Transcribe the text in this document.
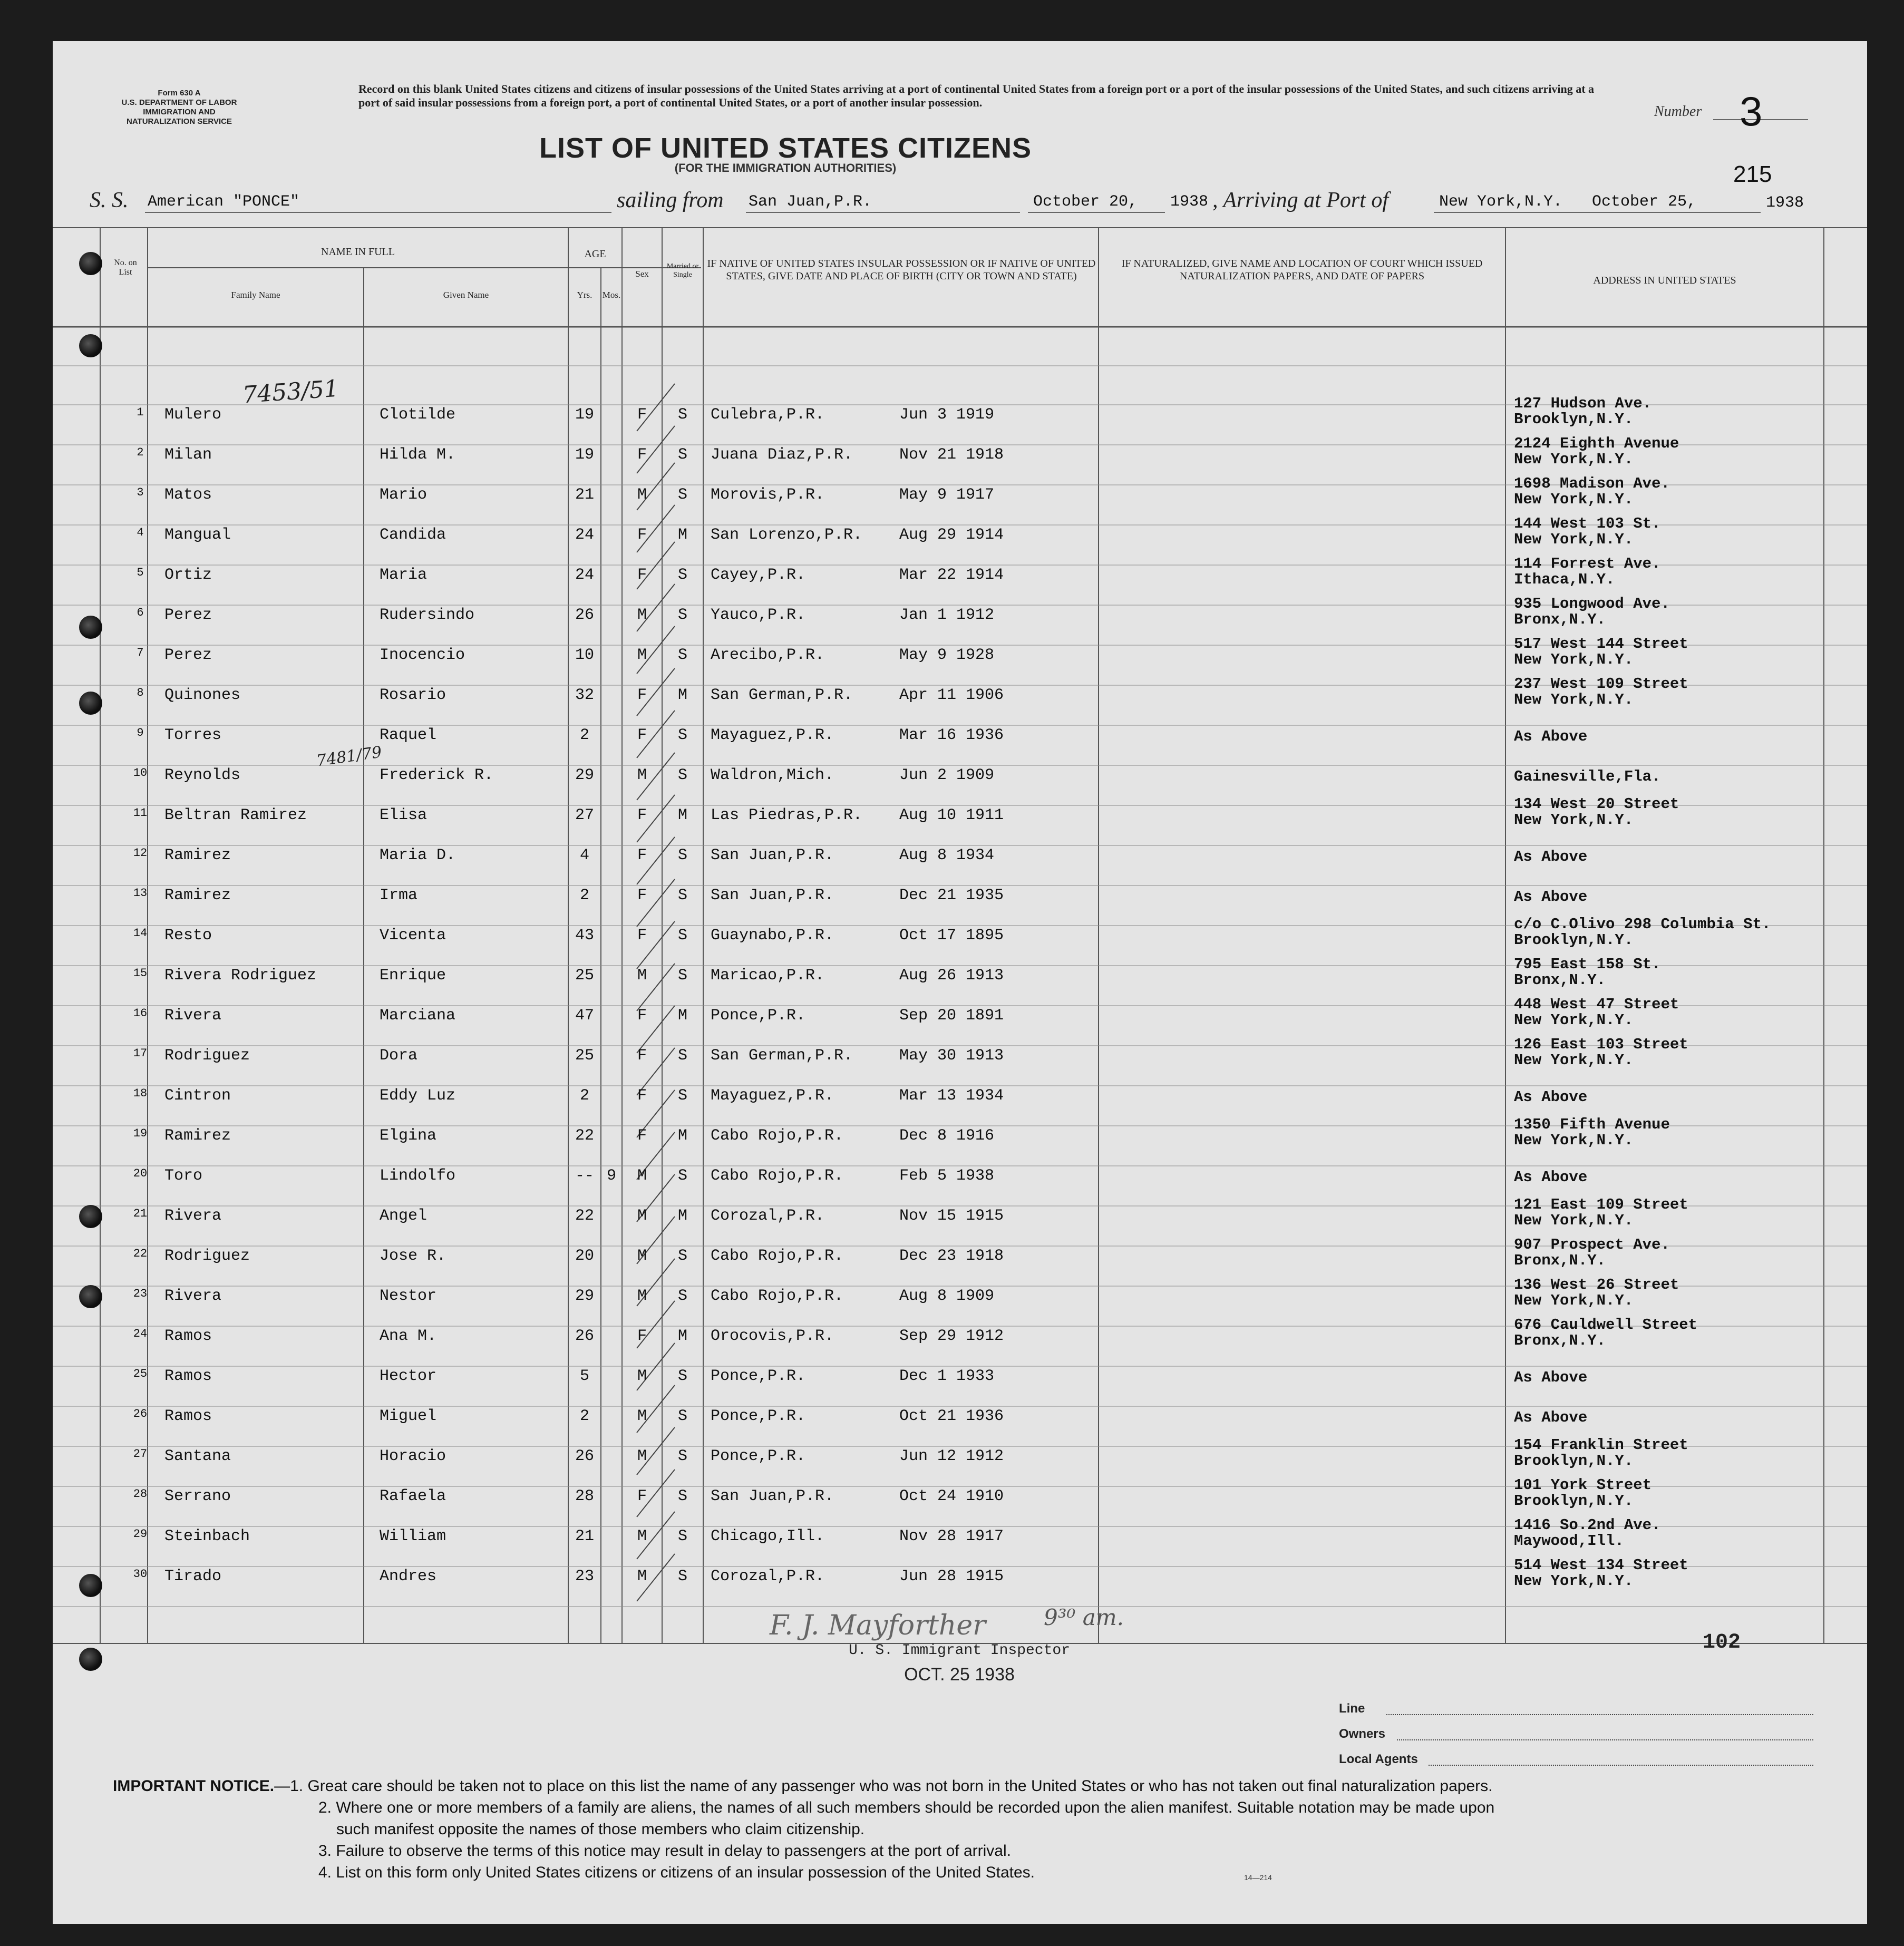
Form 630 A
U.S. DEPARTMENT OF LABOR
IMMIGRATION AND
NATURALIZATION SERVICE
Record on this blank United States citizens and citizens of insular possessions of the United States arriving at a port of continental United States from a foreign port or a port of the insular possessions of the United States, and such citizens arriving at a port of said insular possessions from a foreign port, a port of continental United States, or a port of another insular possession.
Number 3
LIST OF UNITED STATES CITIZENS
(FOR THE IMMIGRATION AUTHORITIES)	215
S. S. American "PONCE"	sailing from San Juan,P.R.	October 20, 1938 , Arriving at Port of	New York,N.Y. October 25,	1938
No. on List
NAME IN FULL
Family Name	Given Name
AGE
Yrs.	Mos.
Sex
Married or Single
IF NATIVE OF UNITED STATES INSULAR POSSESSION OR IF NATIVE OF UNITED STATES, GIVE DATE AND PLACE OF BIRTH (CITY OR TOWN AND STATE)
IF NATURALIZED, GIVE NAME AND LOCATION OF COURT WHICH ISSUED NATURALIZATION PAPERS, AND DATE OF PAPERS	ADDRESS IN UNITED STATES
1	Mulero	Clotilde	19	F	S	Culebra,P.R.	Jun 3 1919
127 Hudson Ave.
Brooklyn,N.Y.
2	Milan	Hilda M.	19	F	S	Juana Diaz,P.R.	Nov 21 1918
2124 Eighth Avenue
New York,N.Y.
3	Matos	Mario	21	M	S	Morovis,P.R.	May 9 1917
1698 Madison Ave.
New York,N.Y.
4	Mangual	Candida	24	F	M	San Lorenzo,P.R. Aug 29 1914
144 West 103 St.
New York,N.Y.
5	Ortiz	Maria	24	F	S	Cayey,P.R.	Mar 22 1914
114 Forrest Ave.
Ithaca,N.Y.
6	Perez	Rudersindo	26	M	S	Yauco,P.R.	Jan 1 1912
935 Longwood Ave.
Bronx,N.Y.
7	Perez	Inocencio	10	M	S	Arecibo,P.R.	May 9 1928
517 West 144 Street
New York,N.Y.
8	Quinones	Rosario	32	F	M	San German,P.R.	Apr 11 1906
237 West 109 Street
New York,N.Y.
9	Torres	Raquel	2	F	S	Mayaguez,P.R.	Mar 16 1936	As Above
10	Reynolds	Frederick R.	29	M	S	Waldron,Mich.	Jun 2 1909	Gainesville,Fla.
11	Beltran Ramirez	Elisa	27	F	M	Las Piedras,P.R. Aug 10 1911
134 West 20 Street
New York,N.Y.
12	Ramirez	Maria D.	4	F	S	San Juan,P.R.	Aug 8 1934	As Above
13	Ramirez	Irma	2	F	S	San Juan,P.R.	Dec 21 1935	As Above
14	Resto	Vicenta	43	F	S	Guaynabo,P.R.	Oct 17 1895
c/o C.Olivo 298 Columbia St.
Brooklyn,N.Y.
15	Rivera Rodriguez	Enrique	25	M	S	Maricao,P.R.	Aug 26 1913
795 East 158 St.
Bronx,N.Y.
16	Rivera	Marciana	47	F	M	Ponce,P.R.	Sep 20 1891
448 West 47 Street
New York,N.Y.
17	Rodriguez	Dora	25	F	S	San German,P.R.	May 30 1913
126 East 103 Street
New York,N.Y.
18	Cintron	Eddy Luz	2	F	S	Mayaguez,P.R.	Mar 13 1934	As Above
19	Ramirez	Elgina	22	F	M	Cabo Rojo,P.R.	Dec 8 1916
1350 Fifth Avenue
New York,N.Y.
20	Toro	Lindolfo	-- 9	M	S	Cabo Rojo,P.R.	Feb 5 1938	As Above
21	Rivera	Angel	22	M	M	Corozal,P.R.	Nov 15 1915
121 East 109 Street
New York,N.Y.
22	Rodriguez	Jose R.	20	M	S	Cabo Rojo,P.R.	Dec 23 1918
907 Prospect Ave.
Bronx,N.Y.
23	Rivera	Nestor	29	M	S	Cabo Rojo,P.R.	Aug 8 1909
136 West 26 Street
New York,N.Y.
24	Ramos	Ana M.	26	F	M	Orocovis,P.R.	Sep 29 1912
676 Cauldwell Street
Bronx,N.Y.
25	Ramos	Hector	5	M	S	Ponce,P.R.	Dec 1 1933	As Above
26	Ramos	Miguel	2	M	S	Ponce,P.R.	Oct 21 1936	As Above
27	Santana	Horacio	26	M	S	Ponce,P.R.	Jun 12 1912
154 Franklin Street
Brooklyn,N.Y.
28	Serrano	Rafaela	28	F	S	San Juan,P.R.	Oct 24 1910
101 York Street
Brooklyn,N.Y.
29	Steinbach	William	21	M	S	Chicago,Ill.	Nov 28 1917
1416 So.2nd Ave.
Maywood,Ill.
30	Tirado	Andres	23	M	S	Corozal,P.R.	Jun 28 1915
514 West 134 Street
New York,N.Y.
7453/51
7481/79
F. J. Mayforther	9³⁰ am.
U. S. Immigrant Inspector
OCT. 25 1938
102
Line
Owners
Local Agents
IMPORTANT NOTICE.—1. Great care should be taken not to place on this list the name of any passenger who was not born in the United States or who has not taken out final naturalization papers.
2. Where one or more members of a family are aliens, the names of all such members should be recorded upon the alien manifest. Suitable notation may be made upon
such manifest opposite the names of those members who claim citizenship.
3. Failure to observe the terms of this notice may result in delay to passengers at the port of arrival.
4. List on this form only United States citizens or citizens of an insular possession of the United States.	14—214
